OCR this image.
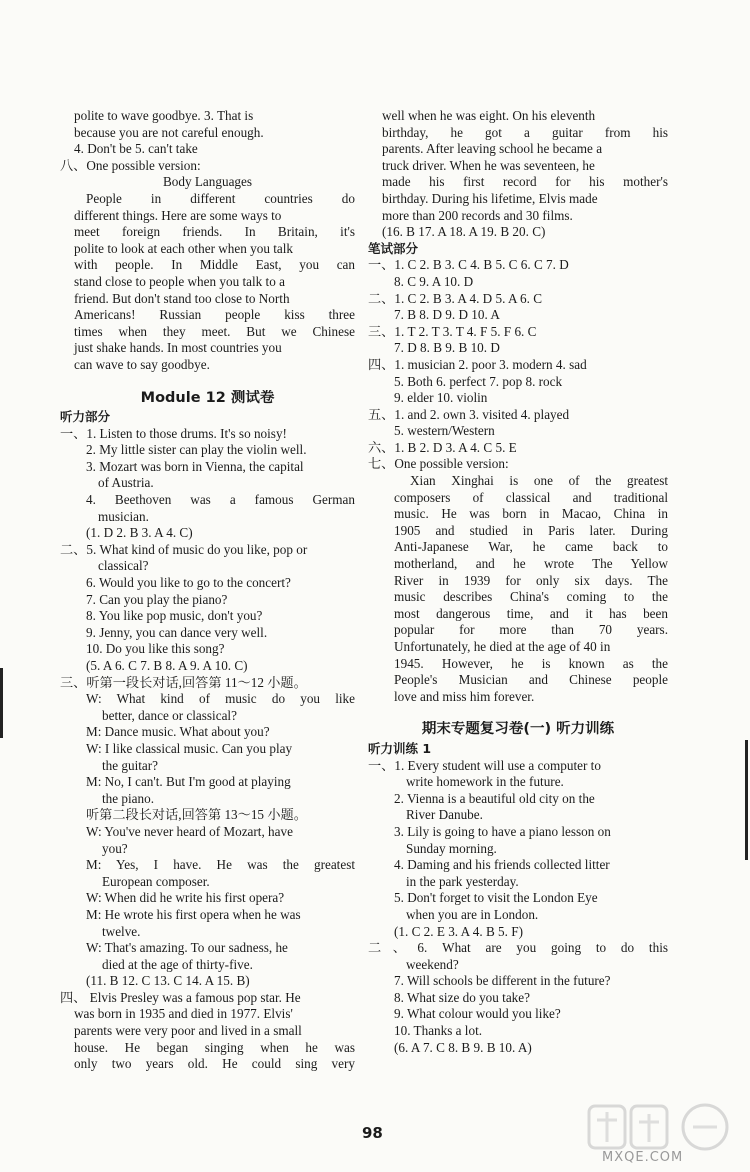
polite to wave goodbye. 3. That is
because you are not careful enough.
4. Don't be 5. can't take
八、One possible version:
Body Languages
People in different countries do
different things. Here are some ways to
meet foreign friends. In Britain, it's
polite to look at each other when you talk
with people. In Middle East, you can
stand close to people when you talk to a
friend. But don't stand too close to North
Americans! Russian people kiss three
times when they meet. But we Chinese
just shake hands. In most countries you
can wave to say goodbye.
Module 12 测试卷
听力部分
一、1. Listen to those drums. It's so noisy!
2. My little sister can play the violin well.
3. Mozart was born in Vienna, the capital
of Austria.
4. Beethoven was a famous German
musician.
(1. D 2. B 3. A 4. C)
二、5. What kind of music do you like, pop or
classical?
6. Would you like to go to the concert?
7. Can you play the piano?
8. You like pop music, don't you?
9. Jenny, you can dance very well.
10. Do you like this song?
(5. A 6. C 7. B 8. A 9. A 10. C)
三、听第一段长对话,回答第 11～12 小题。
W: What kind of music do you like
better, dance or classical?
M: Dance music. What about you?
W: I like classical music. Can you play
the guitar?
M: No, I can't. But I'm good at playing
the piano.
听第二段长对话,回答第 13～15 小题。
W: You've never heard of Mozart, have
you?
M: Yes, I have. He was the greatest
European composer.
W: When did he write his first opera?
M: He wrote his first opera when he was
twelve.
W: That's amazing. To our sadness, he
died at the age of thirty-five.
(11. B 12. C 13. C 14. A 15. B)
四、 Elvis Presley was a famous pop star. He
was born in 1935 and died in 1977. Elvis'
parents were very poor and lived in a small
house. He began singing when he was
only two years old. He could sing very
well when he was eight. On his eleventh
birthday, he got a guitar from his
parents. After leaving school he became a
truck driver. When he was seventeen, he
made his first record for his mother's
birthday. During his lifetime, Elvis made
more than 200 records and 30 films.
(16. B 17. A 18. A 19. B 20. C)
笔试部分
一、1. C 2. B 3. C 4. B 5. C 6. C 7. D
8. C 9. A 10. D
二、1. C 2. B 3. A 4. D 5. A 6. C
7. B 8. D 9. D 10. A
三、1. T 2. T 3. T 4. F 5. F 6. C
7. D 8. B 9. B 10. D
四、1. musician 2. poor 3. modern 4. sad
5. Both 6. perfect 7. pop 8. rock
9. elder 10. violin
五、1. and 2. own 3. visited 4. played
5. western/Western
六、1. B 2. D 3. A 4. C 5. E
七、One possible version:
Xian Xinghai is one of the greatest
composers of classical and traditional
music. He was born in Macao, China in
1905 and studied in Paris later. During
Anti-Japanese War, he came back to
motherland, and he wrote The Yellow
River in 1939 for only six days. The
music describes China's coming to the
most dangerous time, and it has been
popular for more than 70 years.
Unfortunately, he died at the age of 40 in
1945. However, he is known as the
People's Musician and Chinese people
love and miss him forever.
期末专题复习卷(一) 听力训练
听力训练 1
一、1. Every student will use a computer to
write homework in the future.
2. Vienna is a beautiful old city on the
River Danube.
3. Lily is going to have a piano lesson on
Sunday morning.
4. Daming and his friends collected litter
in the park yesterday.
5. Don't forget to visit the London Eye
when you are in London.
(1. C 2. E 3. A 4. B 5. F)
二、6. What are you going to do this
weekend?
7. Will schools be different in the future?
8. What size do you take?
9. What colour would you like?
10. Thanks a lot.
(6. A 7. C 8. B 9. B 10. A)
98
MXQE.COM
